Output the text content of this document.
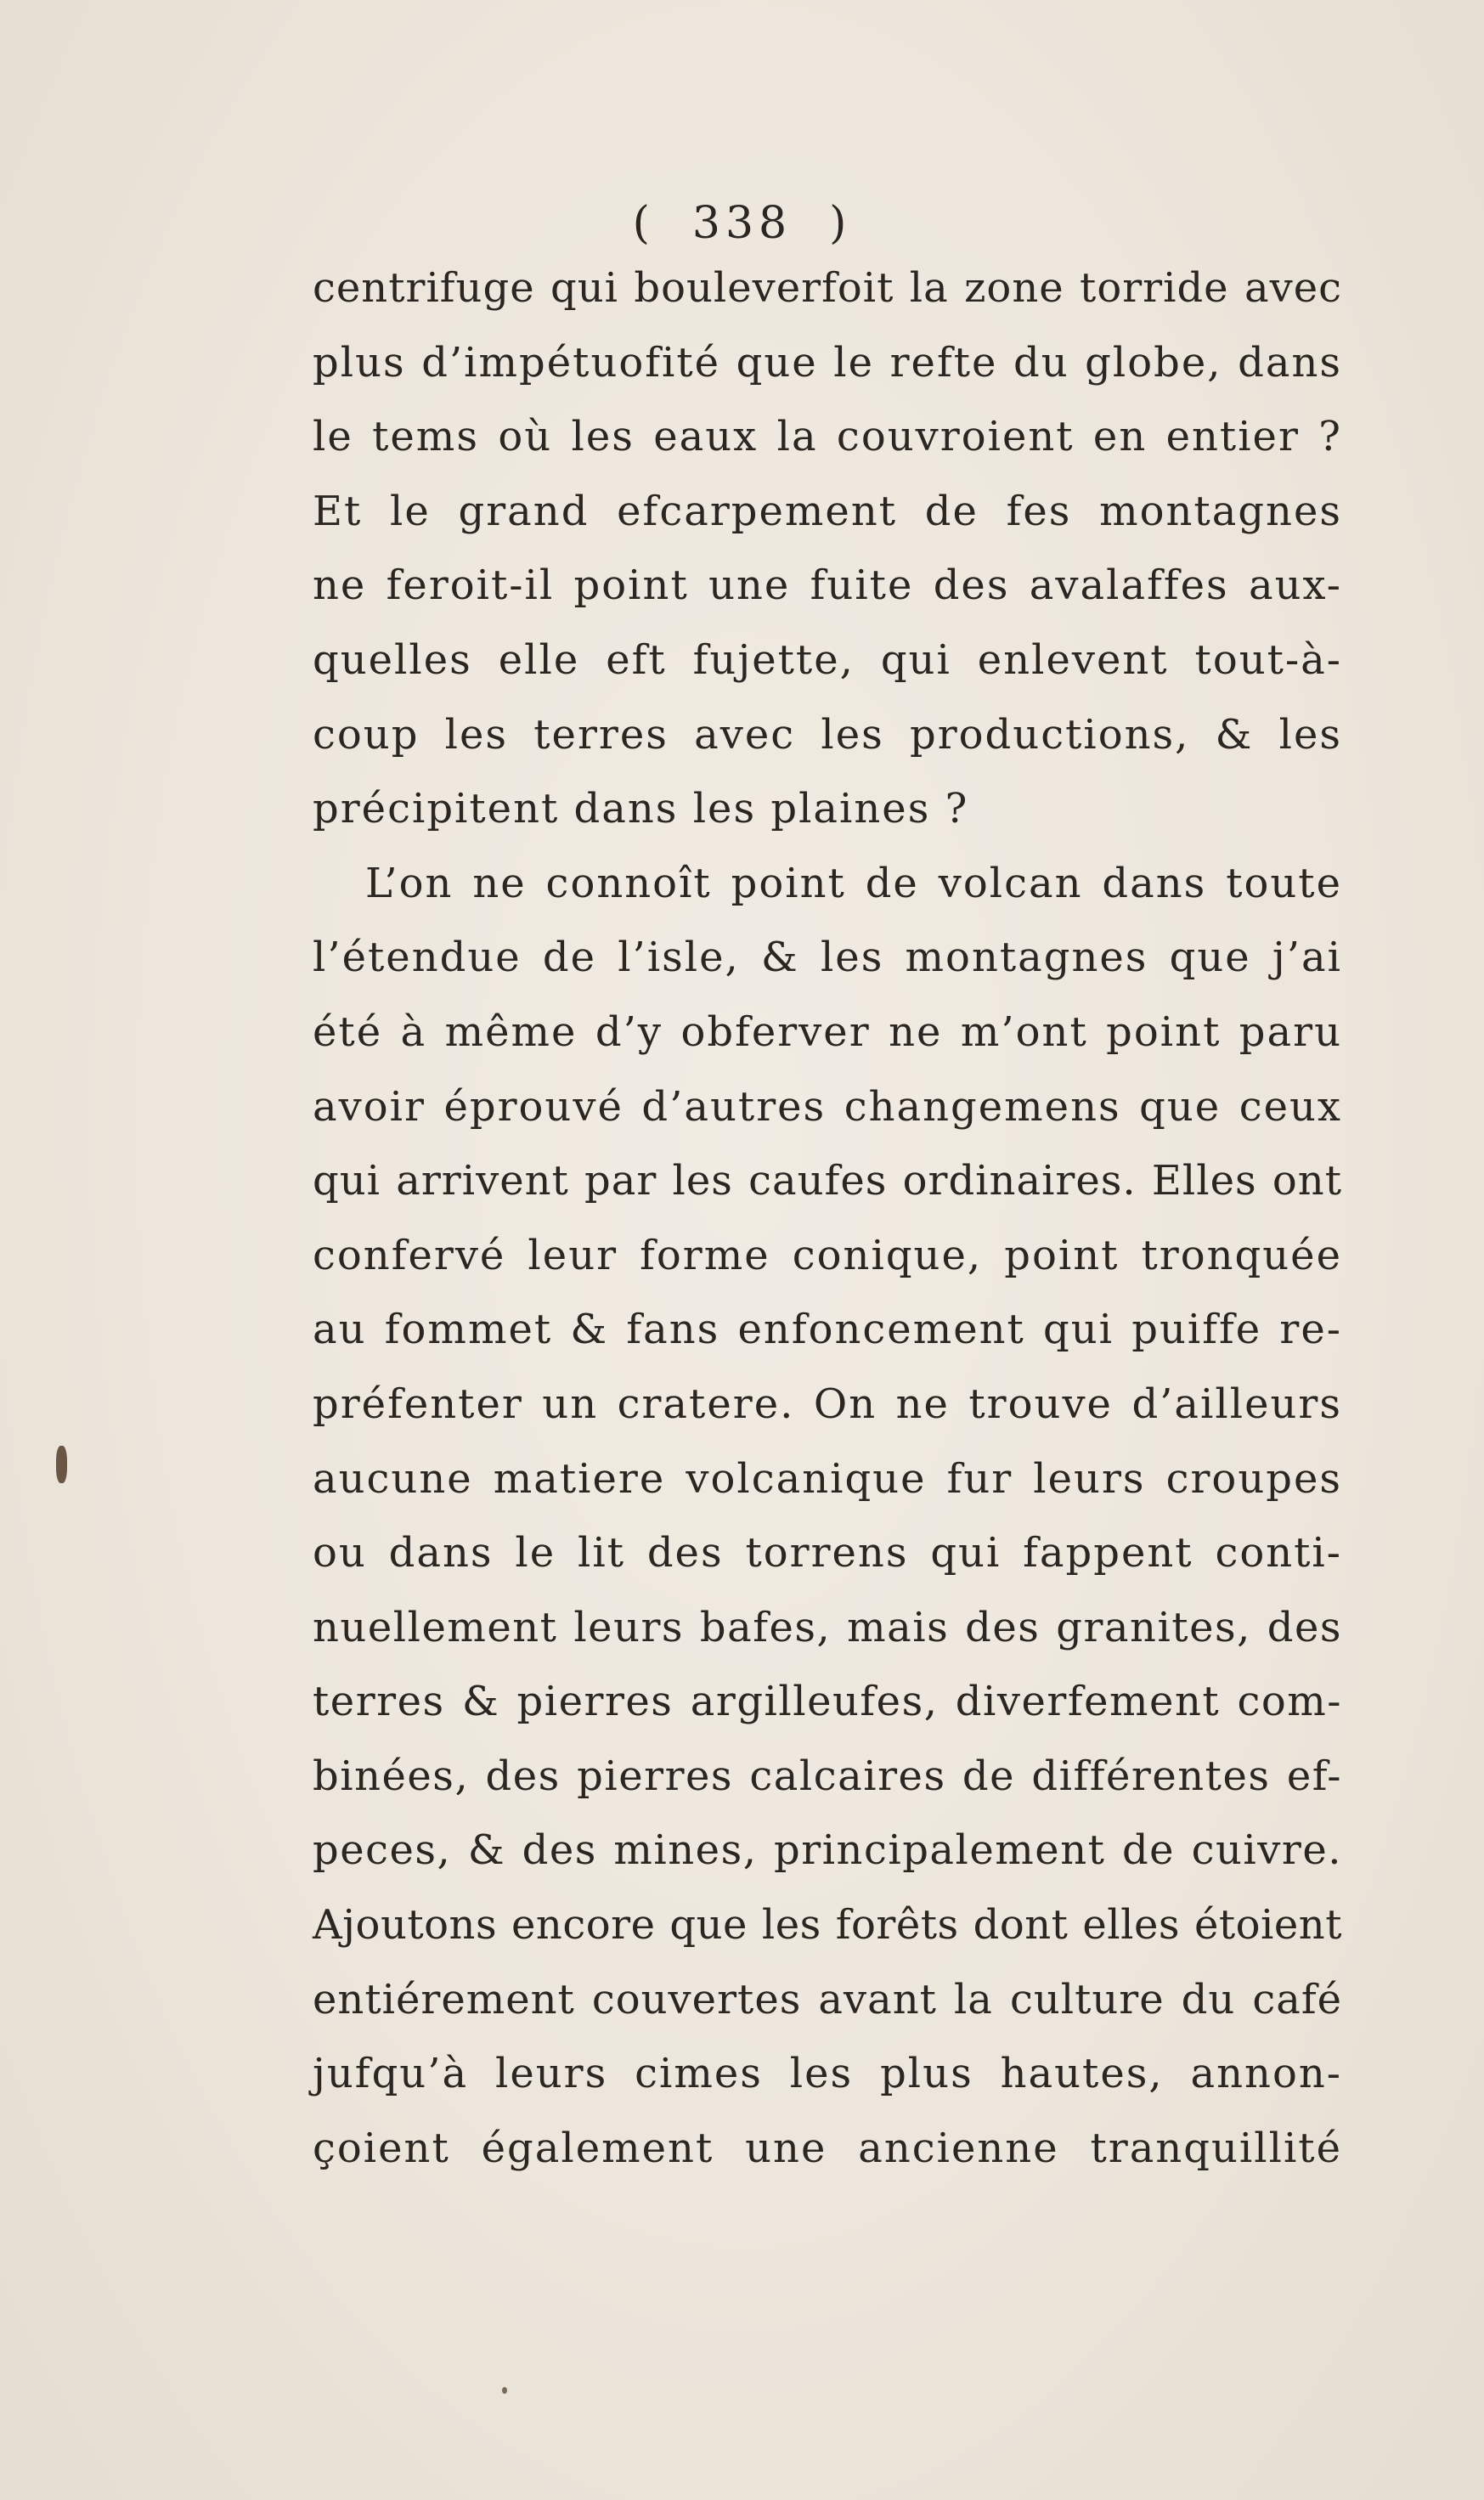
( 338 )
centrifuge qui bouleverfoit la zone torride avec
plus d’impétuofité que le refte du globe, dans
le tems où les eaux la couvroient en entier ?
Et le grand efcarpement de fes montagnes
ne feroit-il point une fuite des avalaffes aux-
quelles elle eft fujette, qui enlevent tout-à-
coup les terres avec les productions, & les
précipitent dans les plaines ?
L’on ne connoît point de volcan dans toute
l’étendue de l’isle, & les montagnes que j’ai
été à même d’y obferver ne m’ont point paru
avoir éprouvé d’autres changemens que ceux
qui arrivent par les caufes ordinaires. Elles ont
confervé leur forme conique, point tronquée
au fommet & fans enfoncement qui puiffe re-
préfenter un cratere. On ne trouve d’ailleurs
aucune matiere volcanique fur leurs croupes
ou dans le lit des torrens qui fappent conti-
nuellement leurs bafes, mais des granites, des
terres & pierres argilleufes, diverfement com-
binées, des pierres calcaires de différentes ef-
peces, & des mines, principalement de cuivre.
Ajoutons encore que les forêts dont elles étoient
entiérement couvertes avant la culture du café
jufqu’à leurs cimes les plus hautes, annon-
çoient également une ancienne tranquillité
